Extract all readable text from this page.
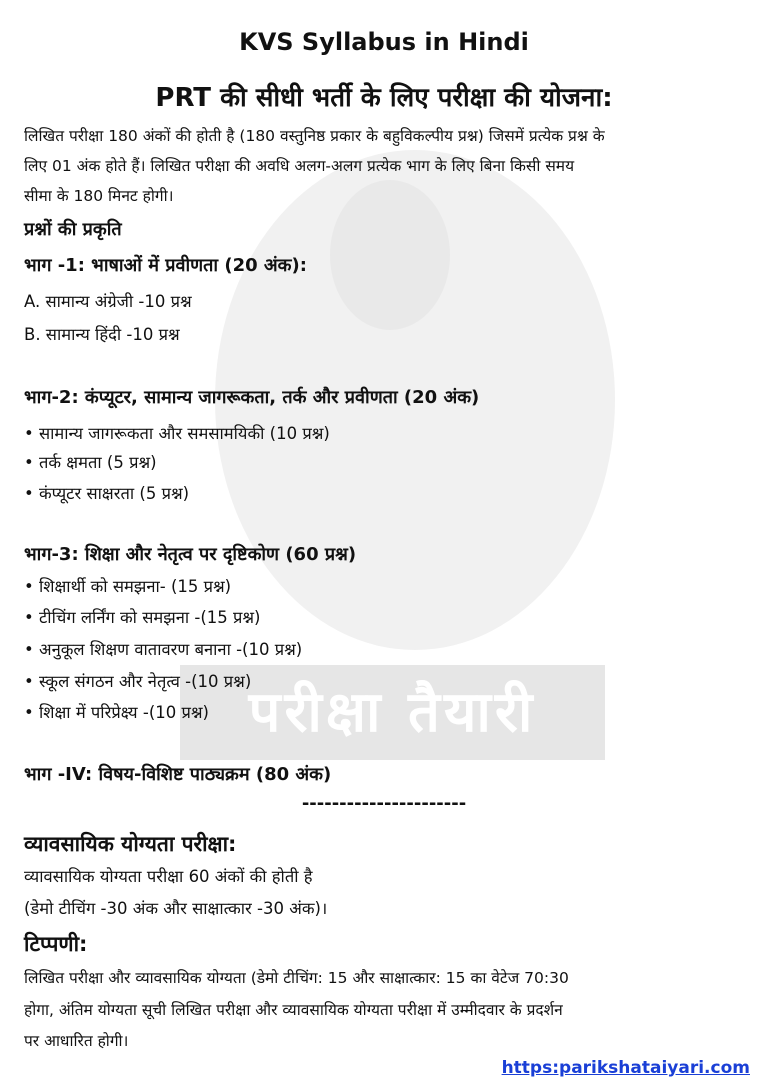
परीक्षा तैयारी
KVS Syllabus in Hindi
PRT की सीधी भर्ती के लिए परीक्षा की योजना:
लिखित परीक्षा 180 अंकों की होती है (180 वस्तुनिष्ठ प्रकार के बहुविकल्पीय प्रश्न) जिसमें प्रत्येक प्रश्न के
लिए 01 अंक होते हैं। लिखित परीक्षा की अवधि अलग-अलग प्रत्येक भाग के लिए बिना किसी समय
सीमा के 180 मिनट होगी।
प्रश्नों की प्रकृति
भाग -1: भाषाओं में प्रवीणता (20 अंक):
A. सामान्य अंग्रेजी -10 प्रश्न
B. सामान्य हिंदी -10 प्रश्न
भाग-2: कंप्यूटर, सामान्य जागरूकता, तर्क और प्रवीणता (20 अंक)
• सामान्य जागरूकता और समसामयिकी (10 प्रश्न)
• तर्क क्षमता (5 प्रश्न)
• कंप्यूटर साक्षरता (5 प्रश्न)
भाग-3: शिक्षा और नेतृत्व पर दृष्टिकोण (60 प्रश्न)
• शिक्षार्थी को समझना- (15 प्रश्न)
• टीचिंग लर्निंग को समझना -(15 प्रश्न)
• अनुकूल शिक्षण वातावरण बनाना -(10 प्रश्न)
• स्कूल संगठन और नेतृत्व -(10 प्रश्न)
• शिक्षा में परिप्रेक्ष्य -(10 प्रश्न)
भाग -IV: विषय-विशिष्ट पाठ्यक्रम (80 अंक)
----------------------
व्यावसायिक योग्यता परीक्षा:
व्यावसायिक योग्यता परीक्षा 60 अंकों की होती है
(डेमो टीचिंग -30 अंक और साक्षात्कार -30 अंक)।
टिप्पणी:
लिखित परीक्षा और व्यावसायिक योग्यता (डेमो टीचिंग: 15 और साक्षात्कार: 15 का वेटेज 70:30
होगा, अंतिम योग्यता सूची लिखित परीक्षा और व्यावसायिक योग्यता परीक्षा में उम्मीदवार के प्रदर्शन
पर आधारित होगी।
https:parikshataiyari.com
